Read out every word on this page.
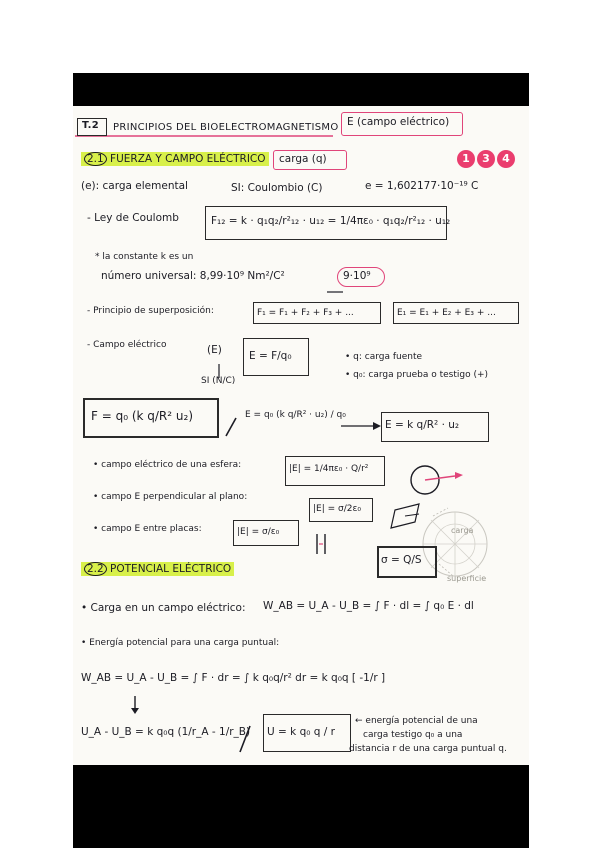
T.2 PRINCIPIOS DEL BIOELECTROMAGNETISMO E (campo eléctrico)
2.1 FUERZA Y CAMPO ELÉCTRICO carga (q)	1	3	4
(e): carga elemental	SI: Coulombio (C)	e = 1,602177·10⁻¹⁹ C
- Ley de Coulomb	F₁₂ = k · q₁q₂/r²₁₂ · u₁₂ = 1/4πε₀ · q₁q₂/r²₁₂ · u₁₂
* la constante k es un
número universal: 8,99·10⁹ Nm²/C²	9·10⁹
- Principio de superposición:	F₁ = F₁ + F₂ + F₃ + ...	E₁ = E₁ + E₂ + E₃ + ...
- Campo eléctrico	(E)
SI (N/C)
E = F/q₀	• q: carga fuente
• q₀: carga prueba o testigo (+)
F = q₀ (k q/R² u₂)	E = q₀ (k q/R² · u₂) / q₀
E = k q/R² · u₂
• campo eléctrico de una esfera:	|E| = 1/4πε₀ · Q/r²
• campo E perpendicular al plano:
|E| = σ/2ε₀
• campo E entre placas:	|E| = σ/ε₀
σ = Q/S
carga
superficie
2.2 POTENCIAL ELÉCTRICO
• Carga en un campo eléctrico: W_AB = U_A - U_B = ∫ F · dl = ∫ q₀ E · dl
• Energía potencial para una carga puntual:
W_AB = U_A - U_B = ∫ F · dr = ∫ k q₀q/r² dr = k q₀q [ -1/r ]
U_A - U_B = k q₀q (1/r_A - 1/r_B) U = k q₀ q / r
← energía potencial de una
carga testigo q₀ a una
distancia r de una carga puntual q.
